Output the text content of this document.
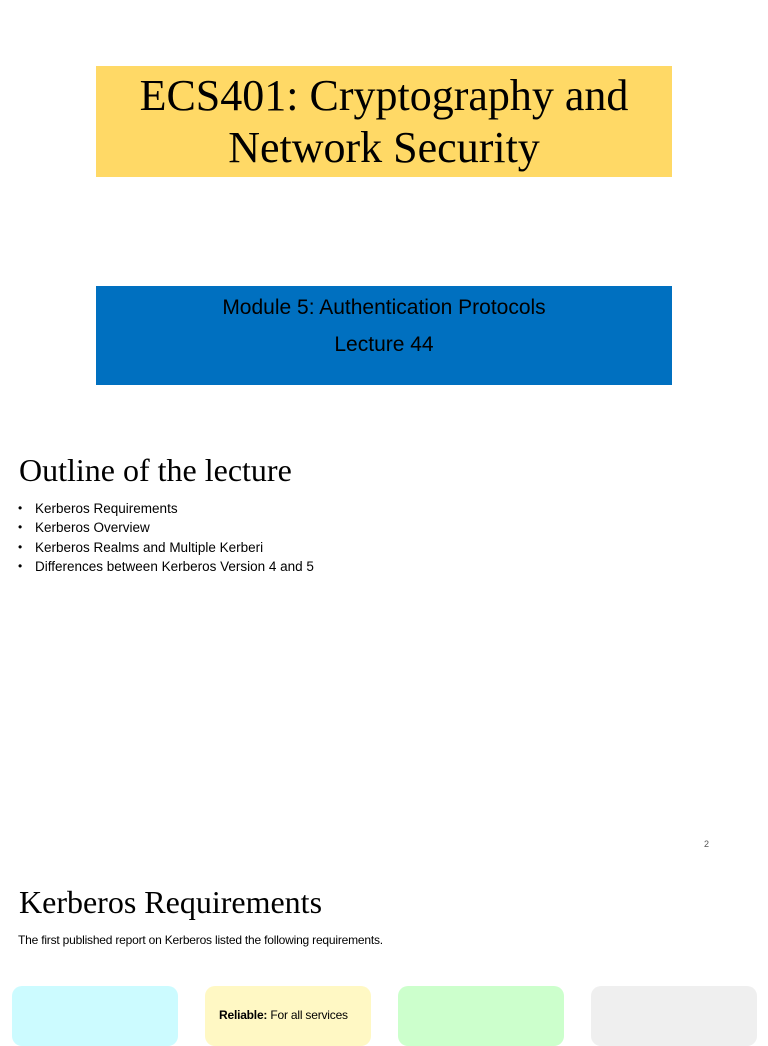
ECS401: Cryptography and
Network Security
Module 5: Authentication Protocols
Lecture 44
Outline of the lecture
• Kerberos Requirements
• Kerberos Overview
• Kerberos Realms and Multiple Kerberi
• Differences between Kerberos Version 4 and 5
2
Kerberos Requirements
The first published report on Kerberos listed the following requirements.
Reliable: For all services
